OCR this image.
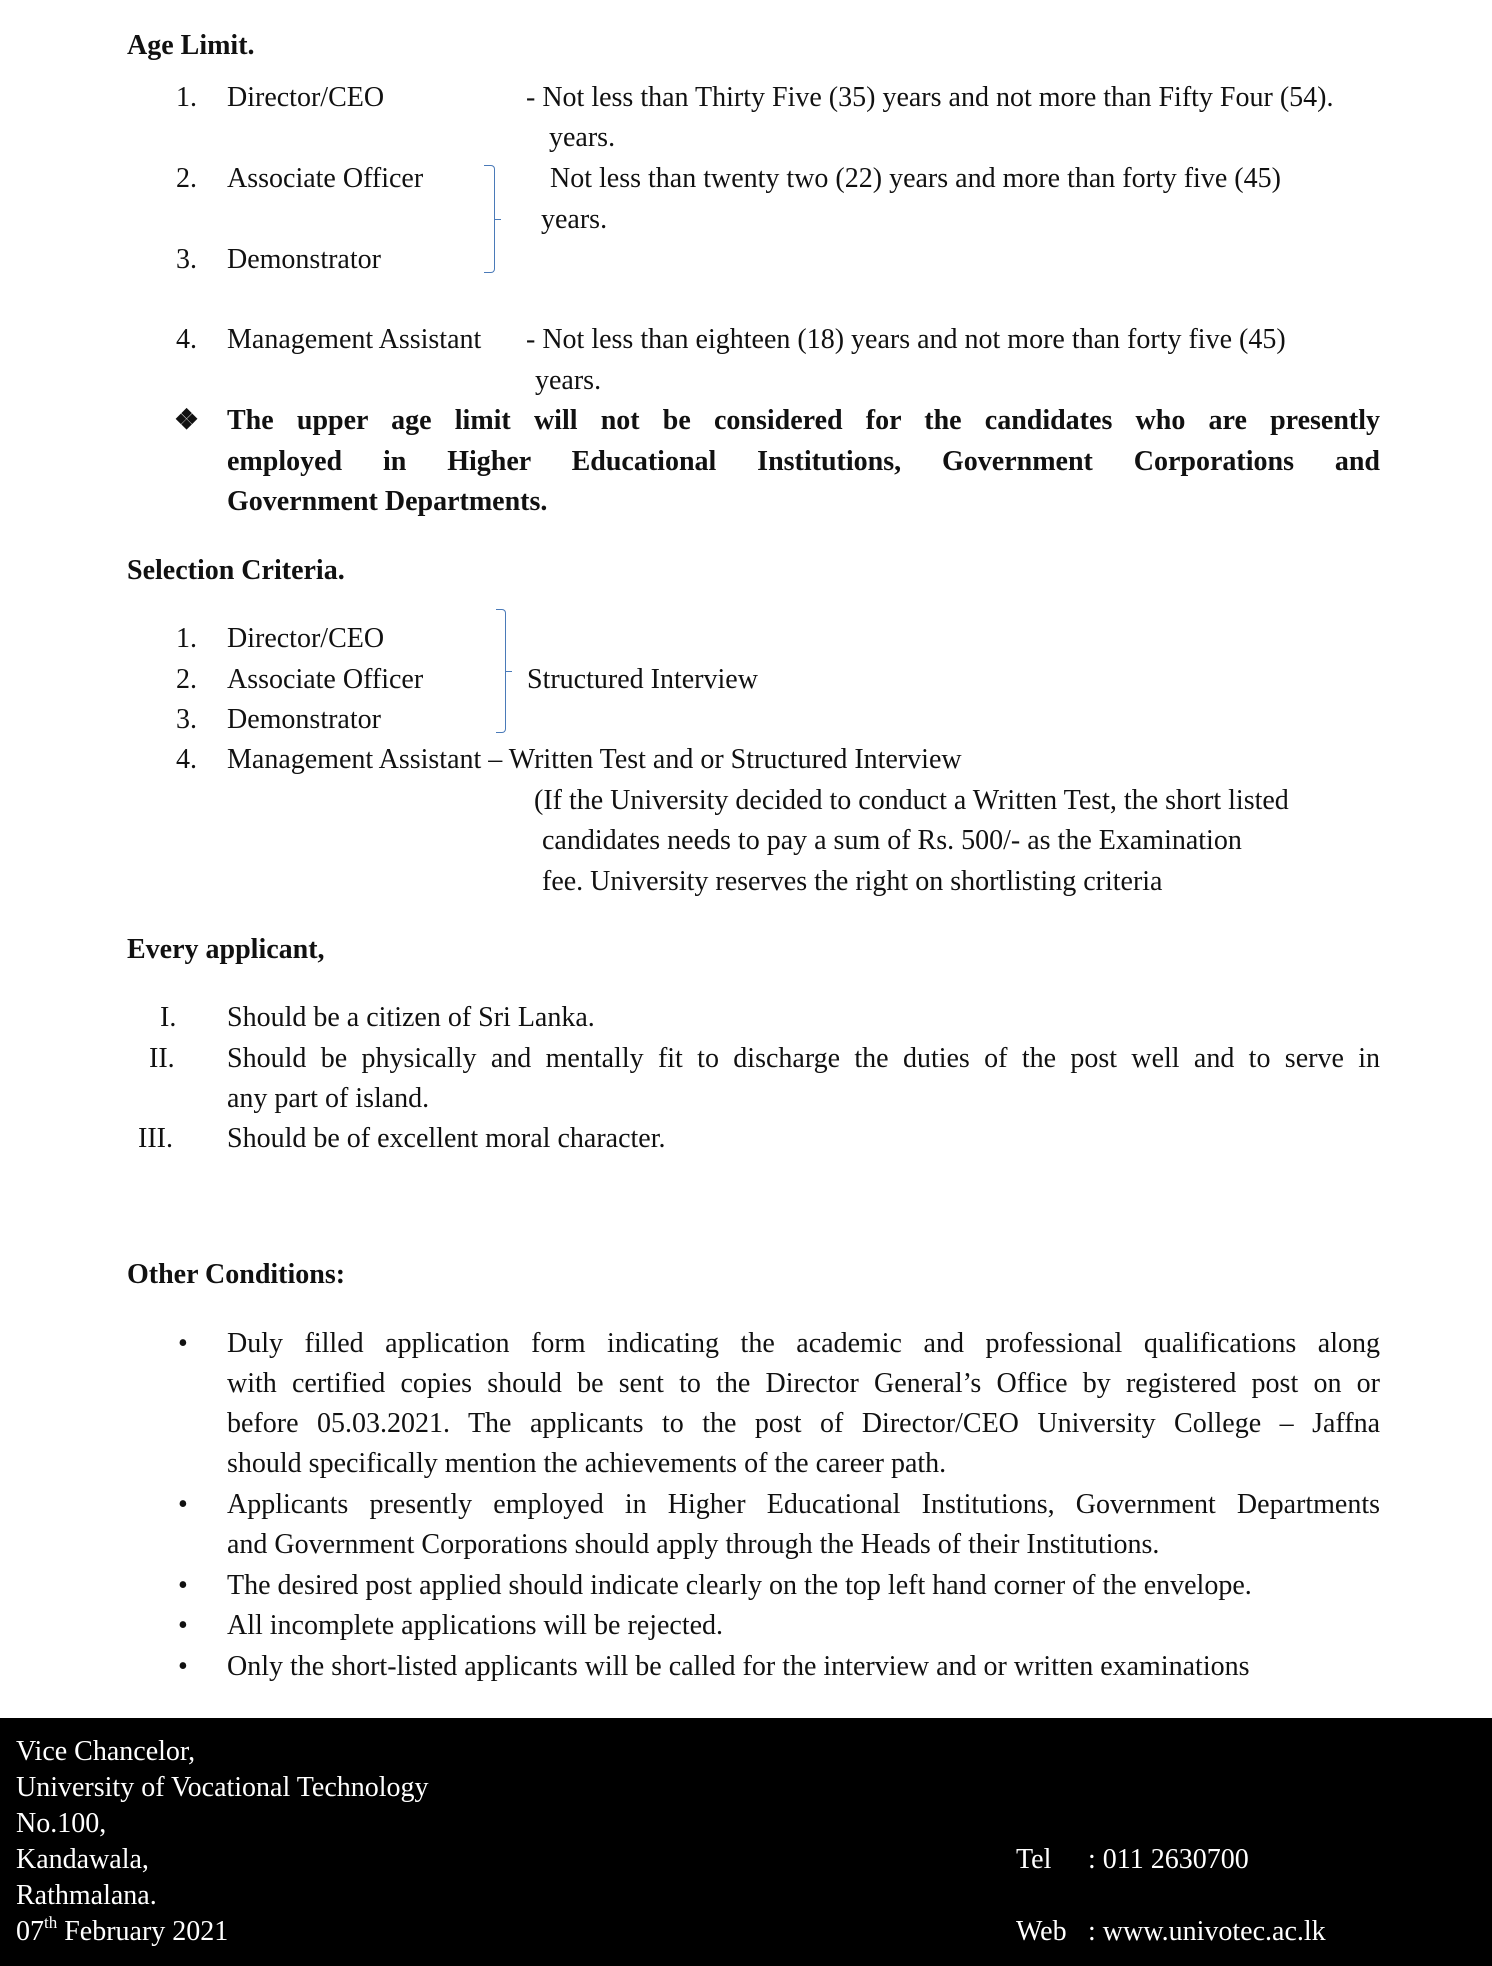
Age Limit.
1. Director/CEO	- Not less than Thirty Five (35) years and not more than Fifty Four (54).
years.
2. Associate Officer	Not less than twenty two (22) years and more than forty five (45)
years.
3. Demonstrator
4. Management Assistant - Not less than eighteen (18) years and not more than forty five (45)
years.
❖ The upper age limit will not be considered for the candidates who are presently
employed in Higher Educational Institutions, Government Corporations and
Government Departments.
Selection Criteria.
1. Director/CEO
2. Associate Officer	Structured Interview
3. Demonstrator
4. Management Assistant – Written Test and or Structured Interview
(If the University decided to conduct a Written Test, the short listed
candidates needs to pay a sum of Rs. 500/- as the Examination
fee. University reserves the right on shortlisting criteria
Every applicant,
I. Should be a citizen of Sri Lanka.
II. Should be physically and mentally fit to discharge the duties of the post well and to serve in
any part of island.
III. Should be of excellent moral character.
Other Conditions:
• Duly filled application form indicating the academic and professional qualifications along
with certified copies should be sent to the Director General’s Office by registered post on or
before 05.03.2021. The applicants to the post of Director/CEO University College – Jaffna
should specifically mention the achievements of the career path.
• Applicants presently employed in Higher Educational Institutions, Government Departments
and Government Corporations should apply through the Heads of their Institutions.
• The desired post applied should indicate clearly on the top left hand corner of the envelope.
• All incomplete applications will be rejected.
• Only the short-listed applicants will be called for the interview and or written examinations
Vice Chancelor,
University of Vocational Technology
No.100,
Kandawala,
Rathmalana.
07th February 2021
Tel : 011 2630700
Web : www.univotec.ac.lk
